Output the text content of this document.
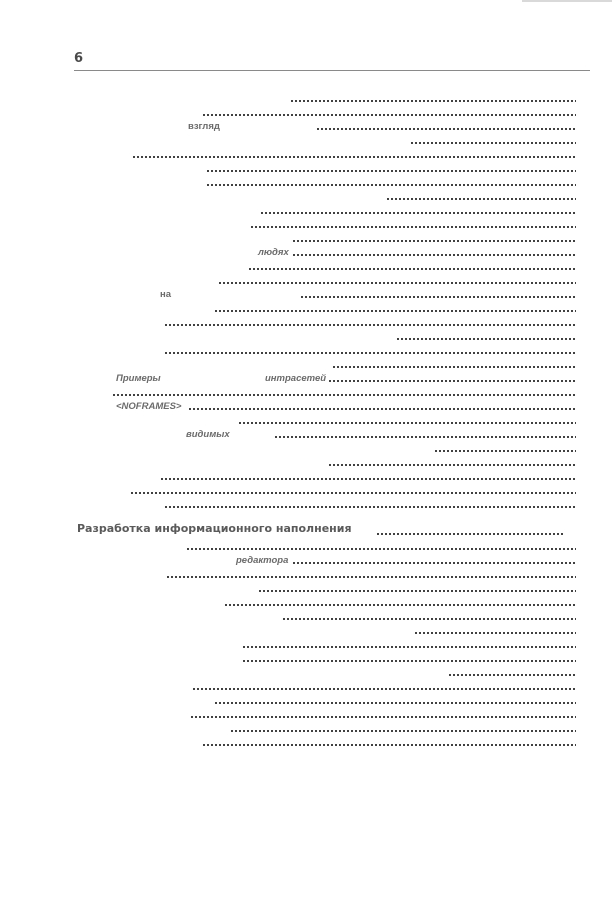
6
взгляд
людях
на
Примеры	интрасетей
<NOFRAMES>
видимых
редактора
Разработка информационного наполнения
